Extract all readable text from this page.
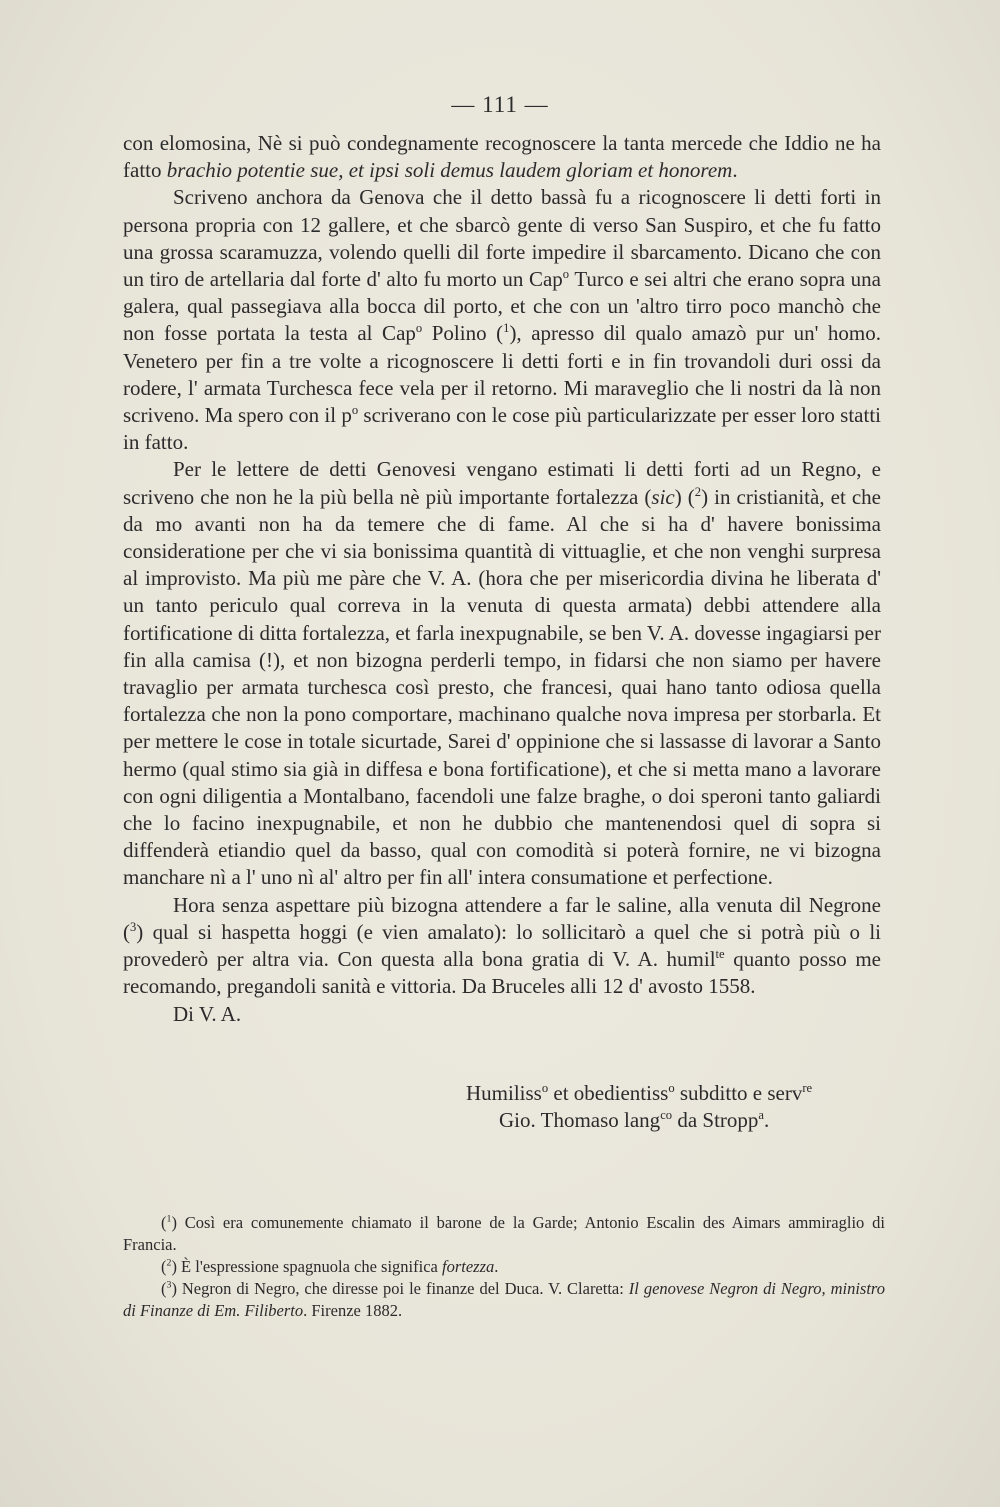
— 111 —

con elomosina, Nè si può condegnamente recognoscere la tanta mercede che Iddio ne ha fatto brachio potentie sue, et ipsi soli demus laudem gloriam et honorem.

Scriveno anchora da Genova che il detto bassà fu a ricognoscere li detti forti in persona propria con 12 gallere, et che sbarcò gente di verso San Suspiro, et che fu fatto una grossa scaramuzza, volendo quelli dil forte impedire il sbarcamento. Dicano che con un tiro de artellaria dal forte d' alto fu morto un Cap$^o$ Turco e sei altri che erano sopra una galera, qual passegiava alla bocca dil porto, et che con un 'altro tirro poco manchò che non fosse portata la testa al Cap$^o$ Polino ($^1$), apresso dil qualo amazò pur un' homo. Venetero per fin a tre volte a ricognoscere li detti forti e in fin trovandoli duri ossi da rodere, l' armata Turchesca fece vela per il retorno. Mi maraveglio che li nostri da là non scriveno. Ma spero con il $p^o$ scriverano con le cose più particularizzate per esser loro statti in fatto.

Per le lettere de detti Genovesi vengano estimati li detti forti ad un Regno, e scriveno che non he la più bella nè più importante fortalezza (sic) ($^2$) in cristianità, et che da mo avanti non ha da temere che di fame. Al che si ha d' havere bonissima consideratione per che vi sia bonissima quantità di vittuaglie, et che non venghi surpresa al improvisto. Ma più me pàre che V. A. (hora che per misericordia divina he liberata d' un tanto periculo qual correva in la venuta di questa armata) debbi attendere alla fortificatione di ditta fortalezza, et farla inexpugnabile, se ben V. A. dovesse ingagiarsi per fin alla camisa (!), et non bizogna perderli tempo, in fidarsi che non siamo per havere travaglio per armata turchesca così presto, che francesi, quai hano tanto odiosa quella fortalezza che non la pono comportare, machinano qualche nova impresa per storbarla. Et per mettere le cose in totale sicurtade, Sarei d' oppinione che si lassasse di lavorar a Santo hermo (qual stimo sia già in diffesa e bona fortificatione), et che si metta mano a lavorare con ogni diligentia a Montalbano, facendoli une falze braghe, o doi speroni tanto galiardi che lo facino inexpugnabile, et non he dubbio che mantenendosi quel di sopra si diffenderà etiandio quel da basso, qual con comodità si poterà fornire, ne vi bizogna manchare nì a l' uno nì al' altro per fin all' intera consumatione et perfectione.

Hora senza aspettare più bizogna attendere a far le saline, alla venuta dil Negrone ($^3$) qual si haspetta hoggi (e vien amalato): lo sollicitarò a quel che si potrà più o li provederò per altra via. Con questa alla bona gratia di V. A. humil$^{te}$ quanto posso me recomando, pregandoli sanità e vittoria. Da Bruceles alli 12 d' avosto 1558.

Di V. A.

Humiliss$^o$ et obedientiss$^o$ subditto e serv$^{re}$
Gio. Thomaso lang$^{co}$ da Stropp$^a$.

($^1$) Così era comunemente chiamato il barone de la Garde; Antonio Escalin des Aimars ammiraglio di Francia.

($^2$) È l'espressione spagnuola che significa fortezza.

($^3$) Negron di Negro, che diresse poi le finanze del Duca. V. Claretta: Il genovese Negron di Negro, ministro di Finanze di Em. Filiberto. Firenze 1882.
